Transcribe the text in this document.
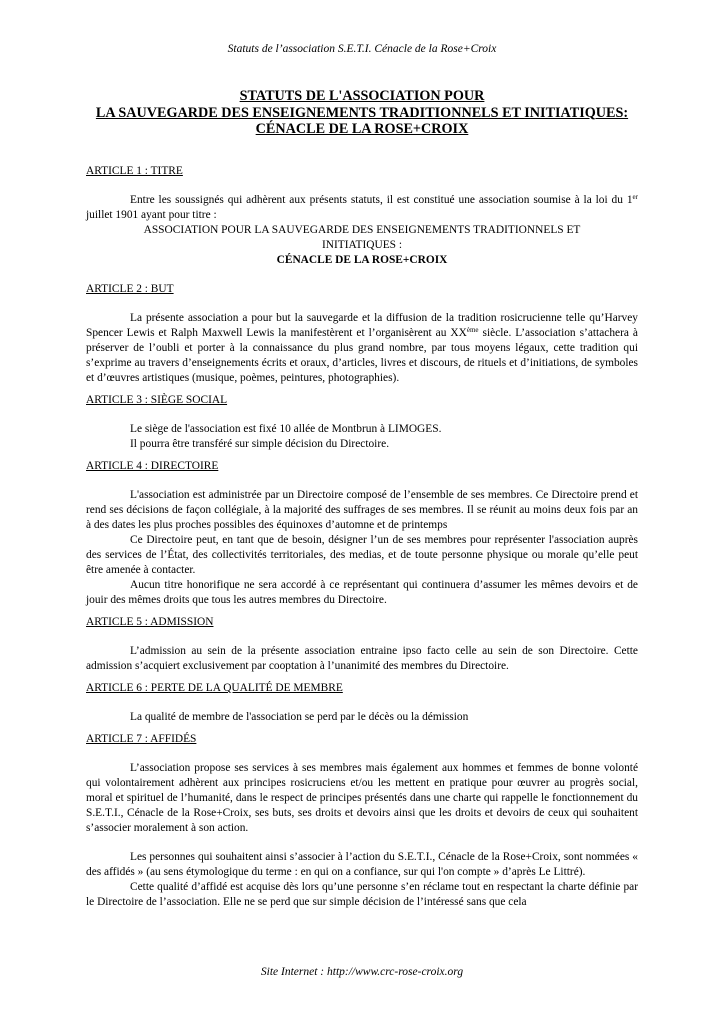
Statuts de l’association S.E.T.I. Cénacle de la Rose+Croix
STATUTS DE L'ASSOCIATION POUR
LA SAUVEGARDE DES ENSEIGNEMENTS TRADITIONNELS ET INITIATIQUES:
CÉNACLE DE LA ROSE+CROIX

ARTICLE 1 : TITRE

Entre les soussignés qui adhèrent aux présents statuts, il est constitué une association soumise à la loi du 1er juillet 1901 ayant pour titre :

ASSOCIATION POUR LA SAUVEGARDE DES ENSEIGNEMENTS TRADITIONNELS ET

INITIATIQUES :

CÉNACLE DE LA ROSE+CROIX

ARTICLE 2 : BUT

La présente association a pour but la sauvegarde et la diffusion de la tradition rosicrucienne telle qu’Harvey Spencer Lewis et Ralph Maxwell Lewis la manifestèrent et l’organisèrent au XXème siècle. L’association s’attachera à préserver de l’oubli et porter à la connaissance du plus grand nombre, par tous moyens légaux, cette tradition qui s’exprime au travers d’enseignements écrits et oraux, d’articles, livres et discours, de rituels et d’initiations, de symboles et d’œuvres artistiques (musique, poèmes, peintures, photographies).

ARTICLE 3 : SIÈGE SOCIAL

Le siège de l'association est fixé 10 allée de Montbrun à LIMOGES.

Il pourra être transféré sur simple décision du Directoire.

ARTICLE 4 : DIRECTOIRE

L'association est administrée par un Directoire composé de l’ensemble de ses membres. Ce Directoire prend et rend ses décisions de façon collégiale, à la majorité des suffrages de ses membres. Il se réunit au moins deux fois par an à des dates les plus proches possibles des équinoxes d’automne et de printemps

Ce Directoire peut, en tant que de besoin, désigner l’un de ses membres pour représenter l'association auprès des services de l’État, des collectivités territoriales, des medias, et de toute personne physique ou morale qu’elle peut être amenée à contacter.

Aucun titre honorifique ne sera accordé à ce représentant qui continuera d’assumer les mêmes devoirs et de jouir des mêmes droits que tous les autres membres du Directoire.

ARTICLE 5 : ADMISSION

L’admission au sein de la présente association entraine ipso facto celle au sein de son Directoire. Cette admission s’acquiert exclusivement par cooptation à l’unanimité des membres du Directoire.

ARTICLE 6 : PERTE DE LA QUALITÉ DE MEMBRE

La qualité de membre de l'association se perd par le décès ou la démission

ARTICLE 7 : AFFIDÉS

L’association propose ses services à ses membres mais également aux hommes et femmes de bonne volonté qui volontairement adhèrent aux principes rosicruciens et/ou les mettent en pratique pour œuvrer au progrès social, moral et spirituel de l’humanité, dans le respect de principes présentés dans une charte qui rappelle le fonctionnement du S.E.T.I., Cénacle de la Rose+Croix, ses buts, ses droits et devoirs ainsi que les droits et devoirs de ceux qui souhaitent s’associer moralement à son action.

Les personnes qui souhaitent ainsi s’associer à l’action du S.E.T.I., Cénacle de la Rose+Croix, sont nommées « des affidés » (au sens étymologique du terme : en qui on a confiance, sur qui l'on compte » d’après Le Littré).

Cette qualité d’affidé est acquise dès lors qu’une personne s’en réclame tout en respectant la charte définie par le Directoire de l’association. Elle ne se perd que sur simple décision de l’intéressé sans que cela

Site Internet : http://www.crc-rose-croix.org
